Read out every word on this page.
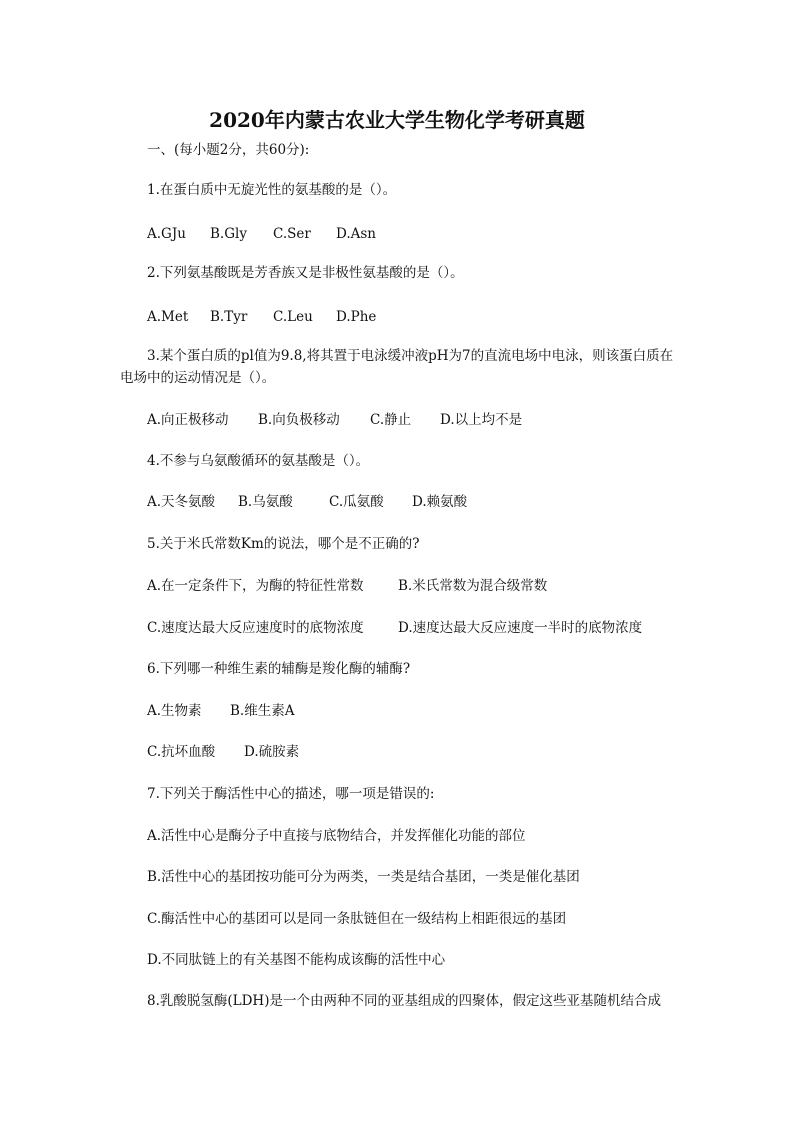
2020年内蒙古农业大学生物化学考研真题
一、(每小题2分，共60分):
1.在蛋白质中无旋光性的氨基酸的是（）。
A.GJu B.Gly C.Ser D.Asn
2.下列氨基酸既是芳香族又是非极性氨基酸的是（）。
A.Met B.Tyr C.Leu D.Phe
3.某个蛋白质的pl值为9.8,将其置于电泳缓冲液pH为7的直流电场中电泳，则该蛋白质在电场中的运动情况是（）。
A.向正极移动 B.向负极移动 C.静止 D.以上均不是
4.不参与乌氨酸循环的氨基酸是（）。
A.天冬氨酸 B.乌氨酸	C.瓜氨酸 D.赖氨酸
5.关于米氏常数Km的说法，哪个是不正确的?
A.在一定条件下，为酶的特征性常数	B.米氏常数为混合级常数
C.速度达最大反应速度时的底物浓度	D.速度达最大反应速度一半时的底物浓度
6.下列哪一种维生素的辅酶是羧化酶的辅酶?
A.生物素 B.维生素A
C.抗坏血酸 D.硫胺素
7.下列关于酶活性中心的描述，哪一项是错误的:
A.活性中心是酶分子中直接与底物结合，并发挥催化功能的部位
B.活性中心的基团按功能可分为两类，一类是结合基团，一类是催化基团
C.酶活性中心的基团可以是同一条肽链但在一级结构上相距很远的基团
D.不同肽链上的有关基图不能构成该酶的活性中心
8.乳酸脱氢酶(LDH)是一个由两种不同的亚基组成的四聚体，假定这些亚基随机结合成
